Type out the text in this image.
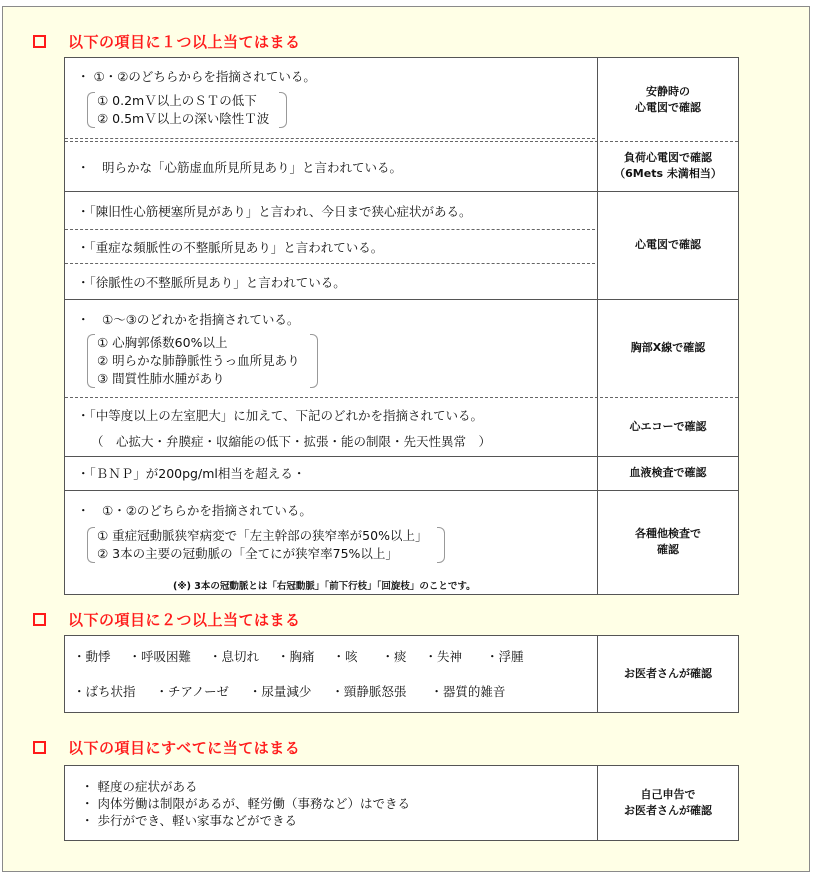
以下の項目に１つ以上当てはまる
・ ①・②のどちらからを指摘されている。
① 0.2mＶ以上のＳＴの低下
② 0.5mＶ以上の深い陰性Ｔ波
・　明らかな「心筋虚血所見所見あり」と言われている。
・「陳旧性心筋梗塞所見があり」と言われ、今日まで狭心症状がある。
・「重症な頻脈性の不整脈所見あり」と言われている。
・「徐脈性の不整脈所見あり」と言われている。
・　①～③のどれかを指摘されている。
① 心胸郭係数60%以上
② 明らかな肺静脈性うっ血所見あり
③ 間質性肺水腫があり
・「中等度以上の左室肥大」に加えて、下記のどれかを指摘されている。
（　心拡大・弁膜症・収縮能の低下・拡張・能の制限・先天性異常　）
・「ＢＮＰ」が200pg/ml相当を超える・
・　①・②のどちらかを指摘されている。
① 重症冠動脈狭窄病変で「左主幹部の狭窄率が50%以上」
② 3本の主要の冠動脈の「全てにが狭窄率75%以上」
(※) 3本の冠動脈とは「右冠動脈」「前下行枝」「回旋枝」のことです。
安静時の
心電図で確認
負荷心電図で確認
（6Mets 未満相当）
心電図で確認
胸部X線で確認
心エコーで確認
血液検査で確認
各種他検査で
確認
以下の項目に２つ以上当てはまる
・動悸 ・呼吸困難 ・息切れ ・胸痛 ・咳 ・痰 ・失神 ・浮腫
・ばち状指 ・チアノーゼ ・尿量減少 ・頸静脈怒張 ・器質的雑音
お医者さんが確認
以下の項目にすべてに当てはまる
・ 軽度の症状がある
・ 肉体労働は制限があるが、軽労働（事務など）はできる
・ 歩行ができ、軽い家事などができる
自己申告で
お医者さんが確認
